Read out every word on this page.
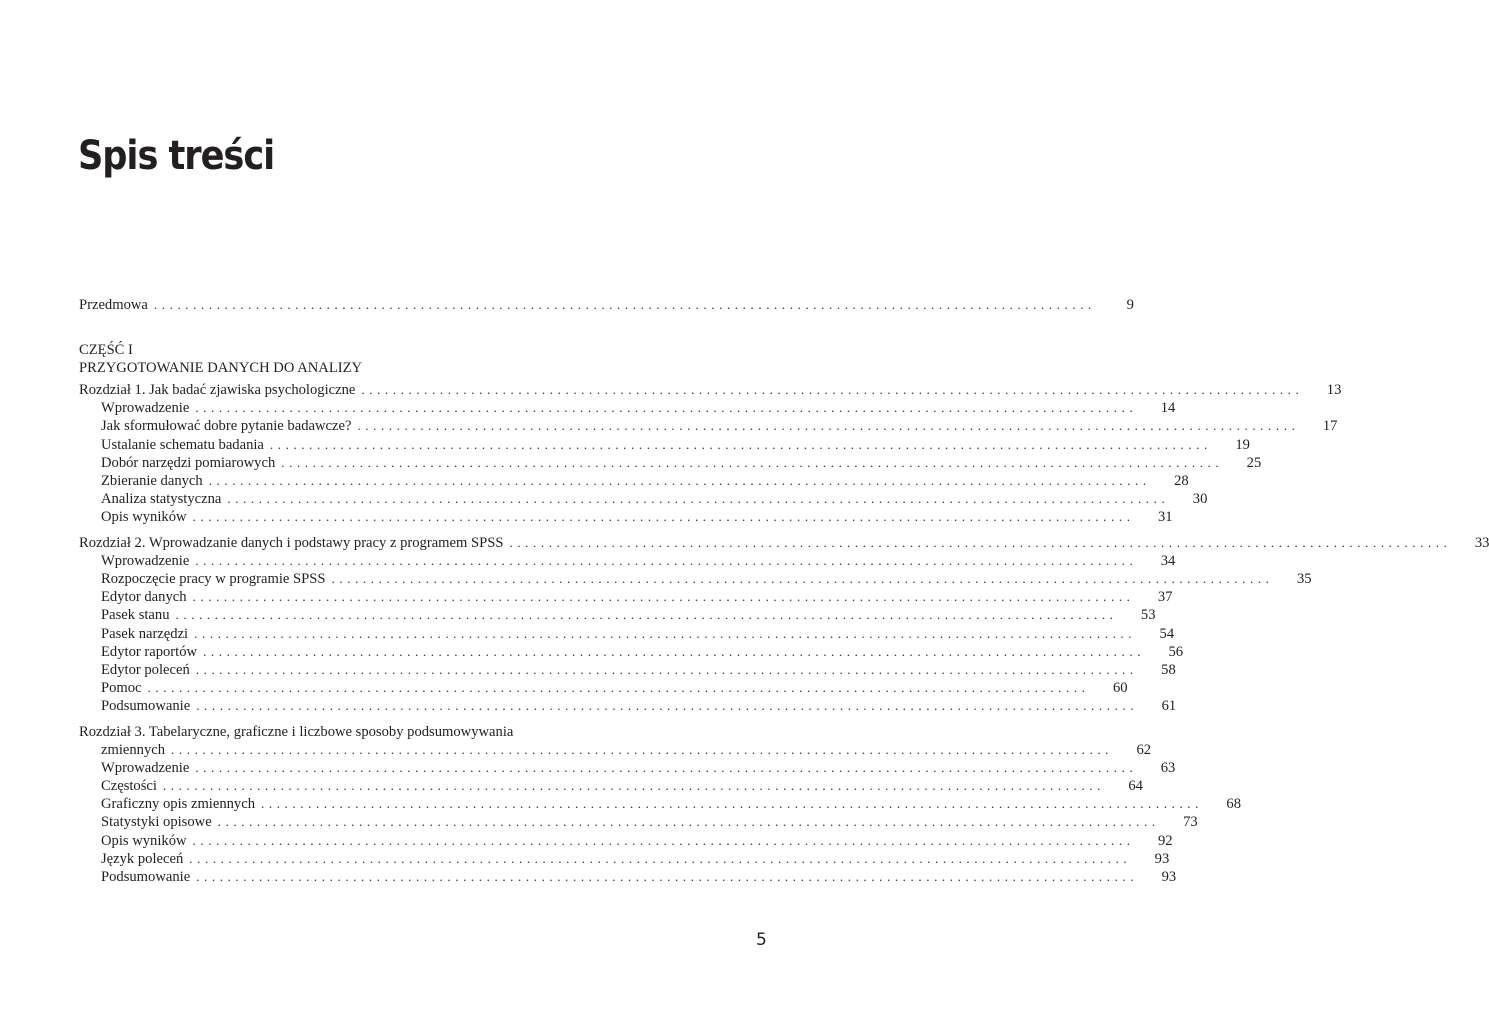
Spis treści
Przedmowa ........................................................................................................................	9
CZĘŚĆ I
PRZYGOTOWANIE DANYCH DO ANALIZY
Rozdział 1. Jak badać zjawiska psychologiczne ........................................................................................................................	13
Wprowadzenie ........................................................................................................................	14
Jak sformułować dobre pytanie badawcze? ........................................................................................................................	17
Ustalanie schematu badania ........................................................................................................................	19
Dobór narzędzi pomiarowych ........................................................................................................................	25
Zbieranie danych ........................................................................................................................	28
Analiza statystyczna ........................................................................................................................	30
Opis wyników ........................................................................................................................	31
Rozdział 2. Wprowadzanie danych i podstawy pracy z programem SPSS ........................................................................................................................	33
Wprowadzenie ........................................................................................................................	34
Rozpoczęcie pracy w programie SPSS ........................................................................................................................	35
Edytor danych ........................................................................................................................	37
Pasek stanu ........................................................................................................................	53
Pasek narzędzi ........................................................................................................................	54
Edytor raportów ........................................................................................................................	56
Edytor poleceń ........................................................................................................................	58
Pomoc ........................................................................................................................	60
Podsumowanie ........................................................................................................................	61
Rozdział 3. Tabelaryczne, graficzne i liczbowe sposoby podsumowywania
zmiennych ........................................................................................................................	62
Wprowadzenie ........................................................................................................................	63
Częstości ........................................................................................................................	64
Graficzny opis zmiennych ........................................................................................................................	68
Statystyki opisowe ........................................................................................................................	73
Opis wyników ........................................................................................................................	92
Język poleceń ........................................................................................................................	93
Podsumowanie ........................................................................................................................	93
5
